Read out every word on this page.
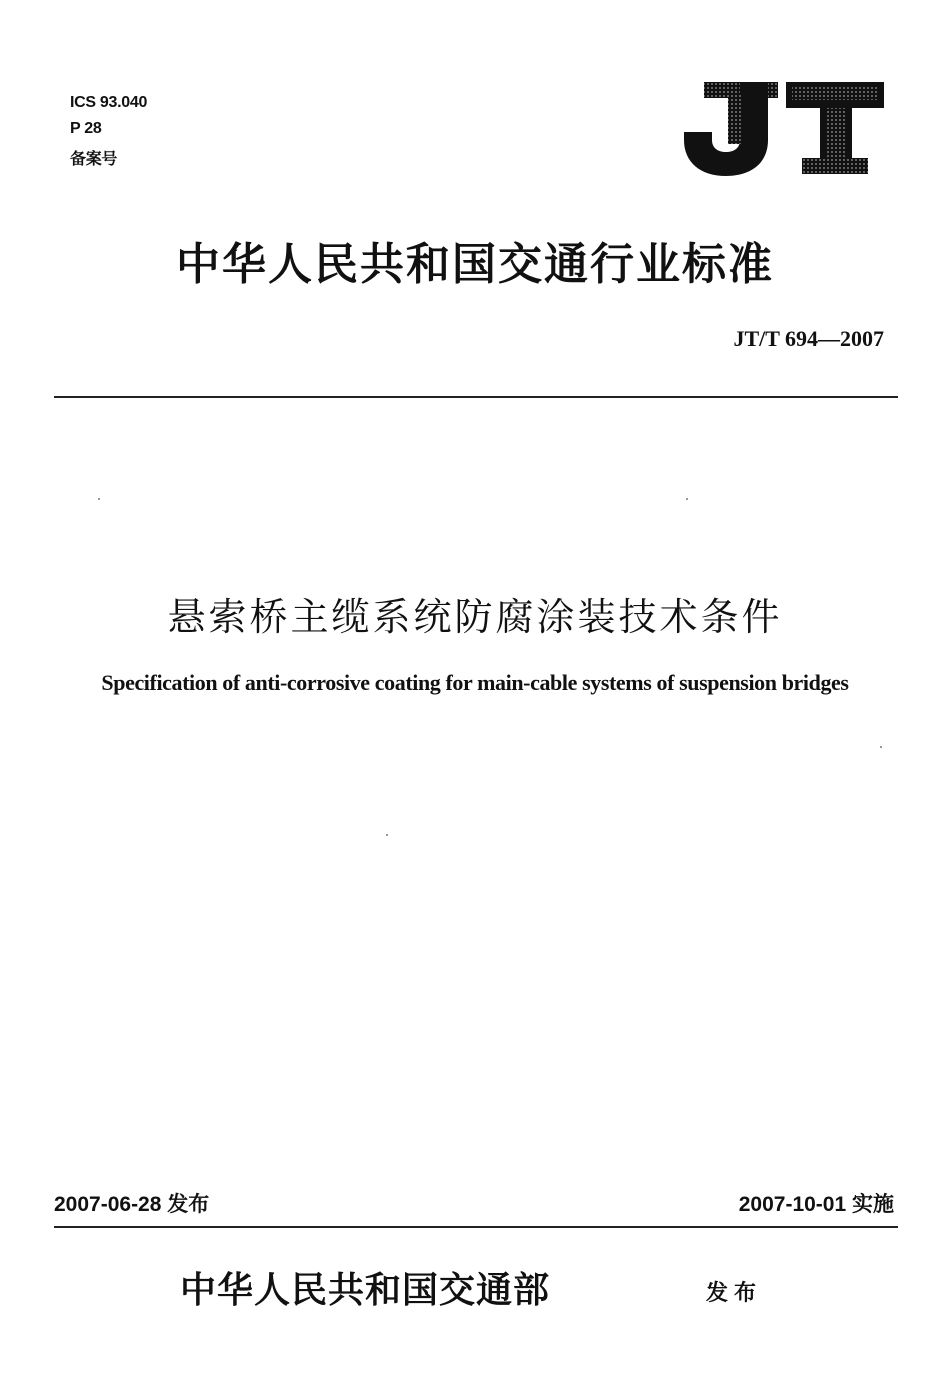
ICS 93.040
P 28
备案号
中华人民共和国交通行业标准
JT/T 694—2007
悬索桥主缆系统防腐涂装技术条件
Specification of anti-corrosive coating for main-cable systems of suspension bridges
2007-06-28 发布	2007-10-01 实施
中华人民共和国交通部	发布
